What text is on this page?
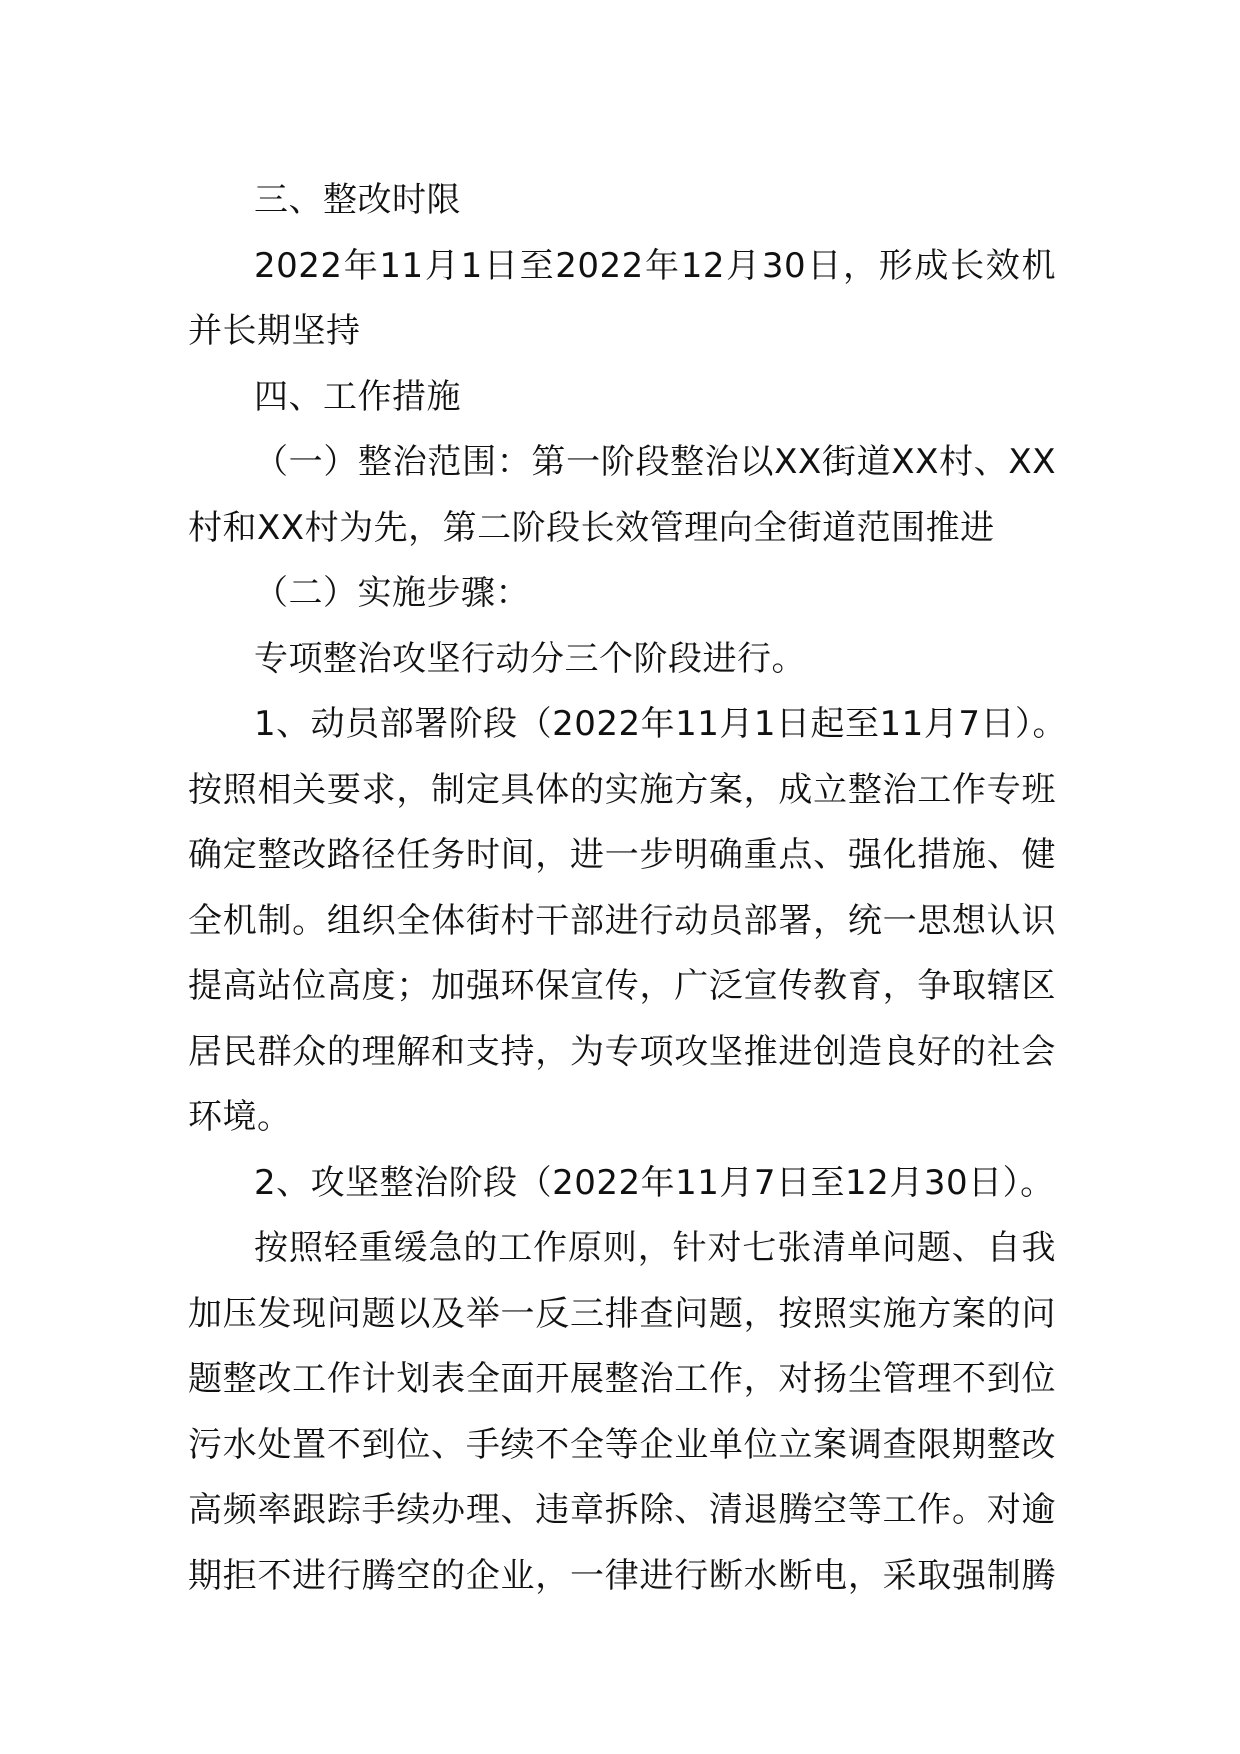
三、整改时限
2022年11月1日至2022年12月30日，形成长效机
并长期坚持
四、工作措施
（一）整治范围：第一阶段整治以XX街道XX村、XX
村和XX村为先，第二阶段长效管理向全街道范围推进
（二）实施步骤：
专项整治攻坚行动分三个阶段进行。
1、动员部署阶段（2022年11月1日起至11月7日）。
按照相关要求，制定具体的实施方案，成立整治工作专班
确定整改路径任务时间，进一步明确重点、强化措施、健
全机制。组织全体街村干部进行动员部署，统一思想认识
提高站位高度；加强环保宣传，广泛宣传教育，争取辖区
居民群众的理解和支持，为专项攻坚推进创造良好的社会
环境。
2、攻坚整治阶段（2022年11月7日至12月30日）。
按照轻重缓急的工作原则，针对七张清单问题、自我
加压发现问题以及举一反三排查问题，按照实施方案的问
题整改工作计划表全面开展整治工作，对扬尘管理不到位
污水处置不到位、手续不全等企业单位立案调查限期整改
高频率跟踪手续办理、违章拆除、清退腾空等工作。对逾
期拒不进行腾空的企业，一律进行断水断电，采取强制腾
